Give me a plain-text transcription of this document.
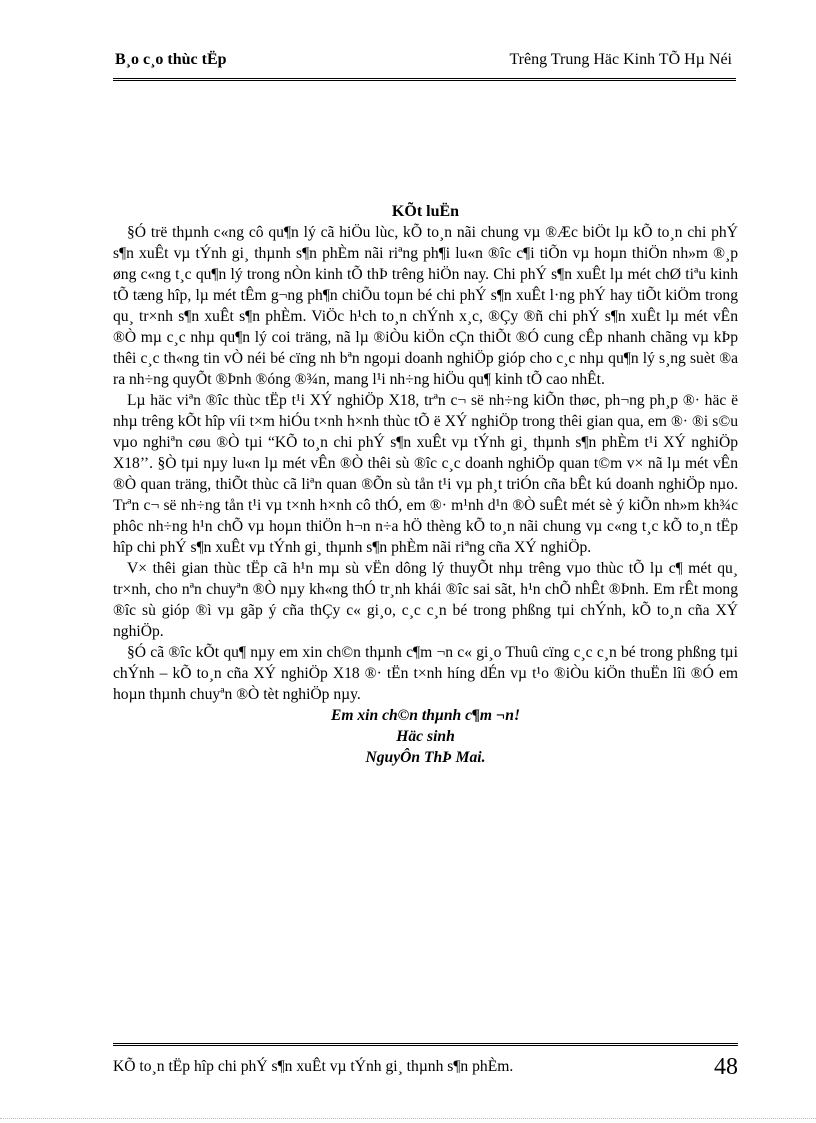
B¸o c¸o thùc tËp	Trêng Trung Häc Kinh TÕ Hµ Néi

KÕt luËn

§Ó trë thµnh c«ng cô qu¶n lý cã hiÖu lùc, kÕ to¸n nãi chung vµ ®Æc biÖt lµ kÕ to¸n chi phÝ s¶n xuÊt vµ tÝnh gi¸ thµnh s¶n phÈm nãi riªng ph¶i lu«n ®îc c¶i tiÕn vµ hoµn thiÖn nh»m ®¸p øng c«ng t¸c qu¶n lý trong nÒn kinh tÕ thÞ trêng hiÖn nay. Chi phÝ s¶n xuÊt lµ mét chØ tiªu kinh tÕ tæng hîp, lµ mét tÊm g¬ng ph¶n chiÕu toµn bé chi phÝ s¶n xuÊt l·ng phÝ hay tiÕt kiÖm trong qu¸ tr×nh s¶n xuÊt s¶n phÈm. ViÖc h¹ch to¸n chÝnh x¸c, ®Çy ®ñ chi phÝ s¶n xuÊt lµ mét vÊn ®Ò mµ c¸c nhµ qu¶n lý coi träng, nã lµ ®iÒu kiÖn cÇn thiÕt ®Ó cung cÊp nhanh chãng vµ kÞp thêi c¸c th«ng tin vÒ néi bé cïng nh bªn ngoµi doanh nghiÖp gióp cho c¸c nhµ qu¶n lý s¸ng suèt ®a ra nh÷ng quyÕt ®Þnh ®óng ®¾n, mang l¹i nh÷ng hiÖu qu¶ kinh tÕ cao nhÊt.

Lµ häc viªn ®îc thùc tËp t¹i XÝ nghiÖp X18, trªn c¬ së nh÷ng kiÕn thøc, ph¬ng ph¸p ®· häc ë nhµ trêng kÕt hîp víi t×m hiÓu t×nh h×nh thùc tÕ ë XÝ nghiÖp trong thêi gian qua, em ®· ®i s©u vµo nghiªn cøu ®Ò tµi “KÕ to¸n chi phÝ s¶n xuÊt vµ tÝnh gi¸ thµnh s¶n phÈm t¹i XÝ nghiÖp X18’’. §Ò tµi nµy lu«n lµ mét vÊn ®Ò thêi sù ®îc c¸c doanh nghiÖp quan t©m v× nã lµ mét vÊn ®Ò quan träng, thiÕt thùc cã liªn quan ®Õn sù tån t¹i vµ ph¸t triÓn cña bÊt kú doanh nghiÖp nµo. Trªn c¬ së nh÷ng tån t¹i vµ t×nh h×nh cô thÓ, em ®· m¹nh d¹n ®Ò suÊt mét sè ý kiÕn nh»m kh¾c phôc nh÷ng h¹n chÕ vµ hoµn thiÖn h¬n n÷a hÖ thèng kÕ to¸n nãi chung vµ c«ng t¸c kÕ to¸n tËp hîp chi phÝ s¶n xuÊt vµ tÝnh gi¸ thµnh s¶n phÈm nãi riªng cña XÝ nghiÖp.

V× thêi gian thùc tËp cã h¹n mµ sù vËn dông lý thuyÕt nhµ trêng vµo thùc tÕ lµ c¶ mét qu¸ tr×nh, cho nªn chuyªn ®Ò nµy kh«ng thÓ tr¸nh khái ®îc sai sãt, h¹n chÕ nhÊt ®Þnh. Em rÊt mong ®îc sù gióp ®ì vµ gãp ý cña thÇy c« gi¸o, c¸c c¸n bé trong phßng tµi chÝnh, kÕ to¸n cña XÝ nghiÖp.

§Ó cã ®îc kÕt qu¶ nµy em xin ch©n thµnh c¶m ¬n c« gi¸o Thuû cïng c¸c c¸n bé trong phßng tµi chÝnh – kÕ to¸n cña XÝ nghiÖp X18 ®· tËn t×nh híng dÉn vµ t¹o ®iÒu kiÖn thuËn lîi ®Ó em hoµn thµnh chuyªn ®Ò tèt nghiÖp nµy.

Em xin ch©n thµnh c¶m ¬n!

Häc sinh

NguyÔn ThÞ Mai.

KÕ to¸n tËp hîp chi phÝ s¶n xuÊt vµ tÝnh gi¸ thµnh s¶n phÈm.	48
